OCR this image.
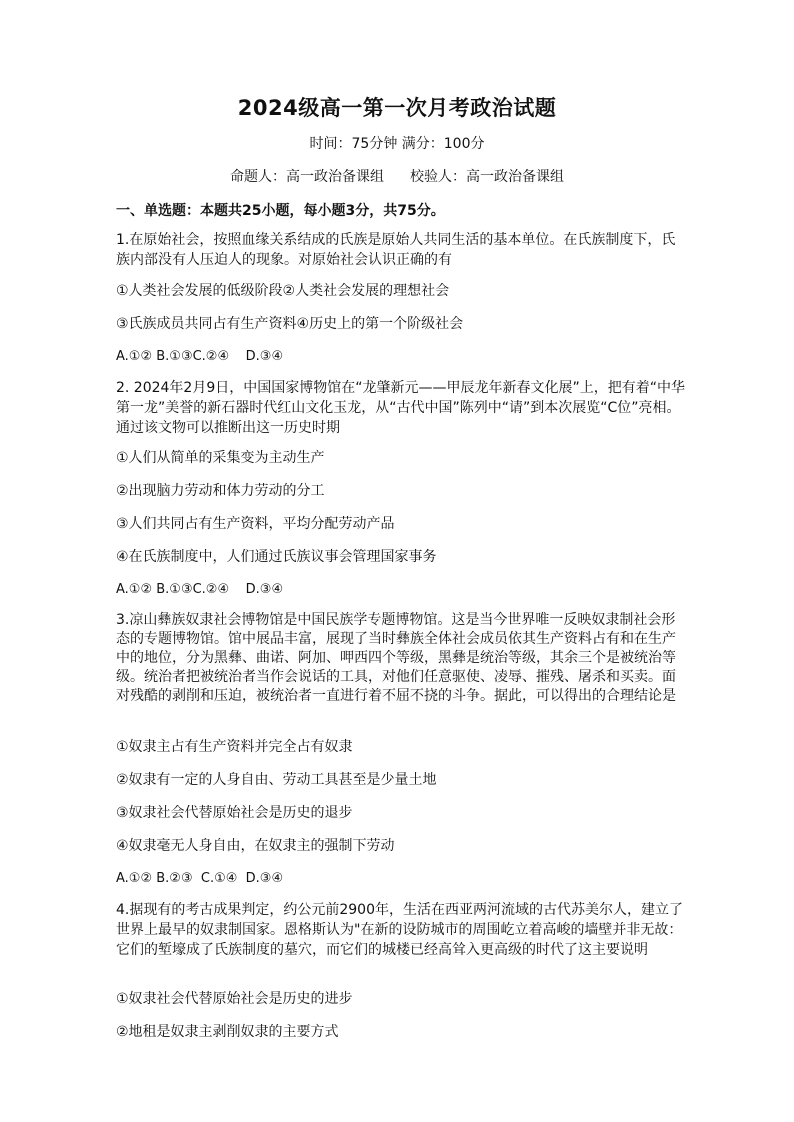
2024级高一第一次月考政治试题
时间：75分钟 满分：100分
命题人：高一政治备课组 校验人：高一政治备课组
一、单选题：本题共25小题，每小题3分，共75分。

1.在原始社会，按照血缘关系结成的氏族是原始人共同生活的基本单位。在氏族制度下，氏族内部没有人压迫人的现象。对原始社会认识正确的有

①人类社会发展的低级阶段②人类社会发展的理想社会

③氏族成员共同占有生产资料④历史上的第一个阶级社会

A.①② B.①③C.②④    D.③④

2. 2024年2月9日，中国国家博物馆在“龙肇新元——甲辰龙年新春文化展”上，把有着“中华第一龙”美誉的新石器时代红山文化玉龙，从“古代中国”陈列中“请”到本次展览“C位”亮相。通过该文物可以推断出这一历史时期

①人们从简单的采集变为主动生产

②出现脑力劳动和体力劳动的分工

③人们共同占有生产资料，平均分配劳动产品

④在氏族制度中，人们通过氏族议事会管理国家事务

A.①② B.①③C.②④    D.③④

3.凉山彝族奴隶社会博物馆是中国民族学专题博物馆。这是当今世界唯一反映奴隶制社会形态的专题博物馆。馆中展品丰富，展现了当时彝族全体社会成员依其生产资料占有和在生产中的地位，分为黑彝、曲诺、阿加、呷西四个等级，黑彝是统治等级，其余三个是被统治等级。统治者把被统治者当作会说话的工具，对他们任意驱使、凌辱、摧残、屠杀和买卖。面对残酷的剥削和压迫，被统治者一直进行着不屈不挠的斗争。据此，可以得出的合理结论是

①奴隶主占有生产资料并完全占有奴隶

②奴隶有一定的人身自由、劳动工具甚至是少量土地

③奴隶社会代替原始社会是历史的退步

④奴隶毫无人身自由，在奴隶主的强制下劳动

A.①② B.②③  C.①④  D.③④

4.据现有的考古成果判定，约公元前2900年，生活在西亚两河流域的古代苏美尔人，建立了世界上最早的奴隶制国家。恩格斯认为"在新的设防城市的周围屹立着高峻的墙壁并非无故：它们的堑壕成了氏族制度的墓穴，而它们的城楼已经高耸入更高级的时代了这主要说明

①奴隶社会代替原始社会是历史的进步

②地租是奴隶主剥削奴隶的主要方式
